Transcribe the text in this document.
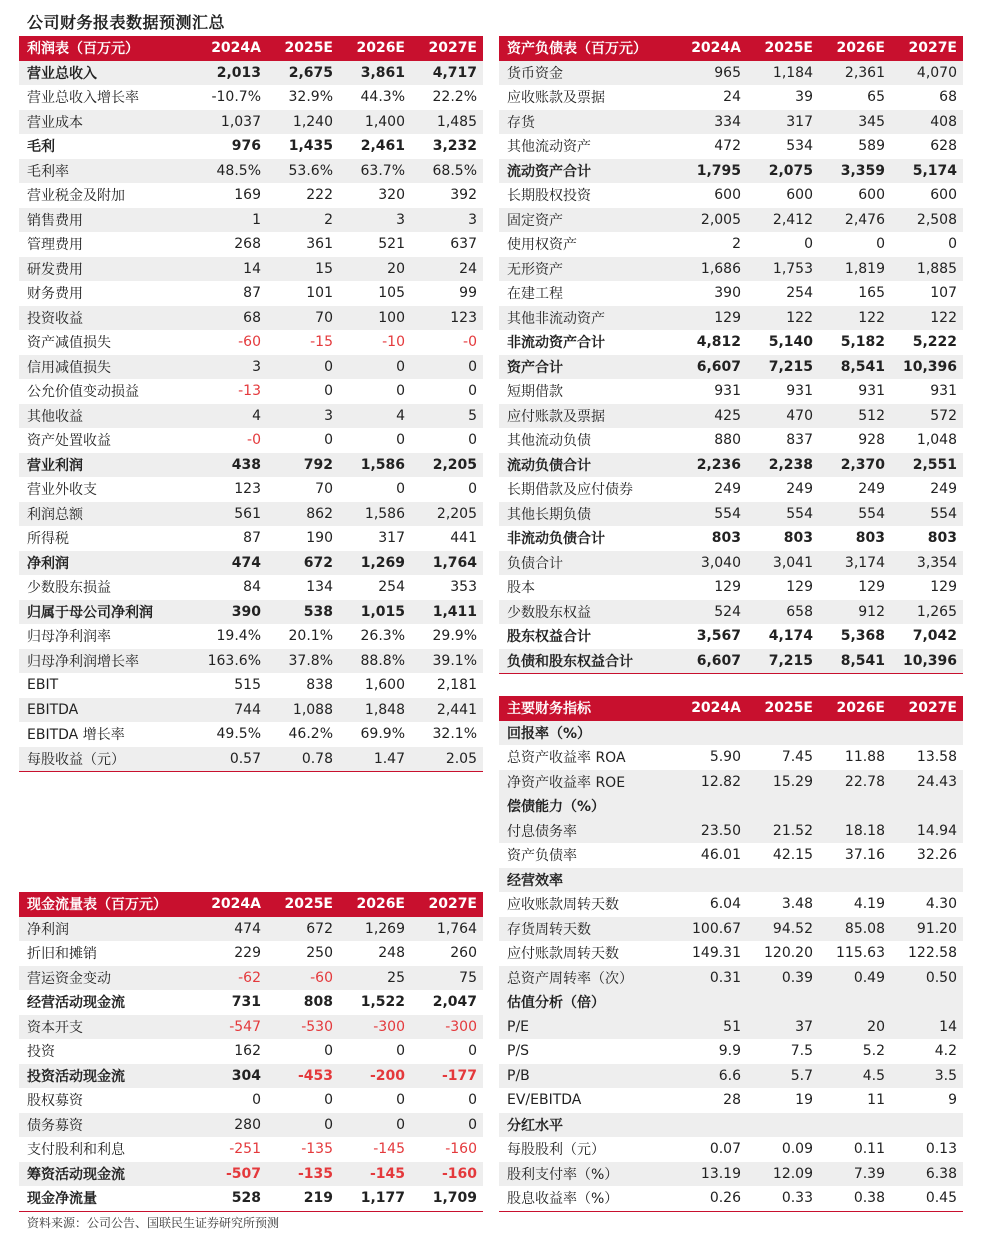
公司财务报表数据预测汇总
利润表（百万元）	2024A	2025E	2026E	2027E
营业总收入	2,013	2,675	3,861	4,717
营业总收入增长率	-10.7%	32.9%	44.3%	22.2%
营业成本	1,037	1,240	1,400	1,485
毛利	976	1,435	2,461	3,232
毛利率	48.5%	53.6%	63.7%	68.5%
营业税金及附加	169	222	320	392
销售费用	1	2	3	3
管理费用	268	361	521	637
研发费用	14	15	20	24
财务费用	87	101	105	99
投资收益	68	70	100	123
资产减值损失	-60	-15	-10	-0
信用减值损失	3	0	0	0
公允价值变动损益	-13	0	0	0
其他收益	4	3	4	5
资产处置收益	-0	0	0	0
营业利润	438	792	1,586	2,205
营业外收支	123	70	0	0
利润总额	561	862	1,586	2,205
所得税	87	190	317	441
净利润	474	672	1,269	1,764
少数股东损益	84	134	254	353
归属于母公司净利润	390	538	1,015	1,411
归母净利润率	19.4%	20.1%	26.3%	29.9%
归母净利润增长率	163.6%	37.8%	88.8%	39.1%
EBIT	515	838	1,600	2,181
EBITDA	744	1,088	1,848	2,441
EBITDA 增长率	49.5%	46.2%	69.9%	32.1%
每股收益（元）	0.57	0.78	1.47	2.05
资产负债表（百万元）	2024A	2025E	2026E	2027E
货币资金	965	1,184	2,361	4,070
应收账款及票据	24	39	65	68
存货	334	317	345	408
其他流动资产	472	534	589	628
流动资产合计	1,795	2,075	3,359	5,174
长期股权投资	600	600	600	600
固定资产	2,005	2,412	2,476	2,508
使用权资产	2	0	0	0
无形资产	1,686	1,753	1,819	1,885
在建工程	390	254	165	107
其他非流动资产	129	122	122	122
非流动资产合计	4,812	5,140	5,182	5,222
资产合计	6,607	7,215	8,541	10,396
短期借款	931	931	931	931
应付账款及票据	425	470	512	572
其他流动负债	880	837	928	1,048
流动负债合计	2,236	2,238	2,370	2,551
长期借款及应付债券	249	249	249	249
其他长期负债	554	554	554	554
非流动负债合计	803	803	803	803
负债合计	3,040	3,041	3,174	3,354
股本	129	129	129	129
少数股东权益	524	658	912	1,265
股东权益合计	3,567	4,174	5,368	7,042
负债和股东权益合计	6,607	7,215	8,541	10,396
现金流量表（百万元）	2024A	2025E	2026E	2027E
净利润	474	672	1,269	1,764
折旧和摊销	229	250	248	260
营运资金变动	-62	-60	25	75
经营活动现金流	731	808	1,522	2,047
资本开支	-547	-530	-300	-300
投资	162	0	0	0
投资活动现金流	304	-453	-200	-177
股权募资	0	0	0	0
债务募资	280	0	0	0
支付股利和利息	-251	-135	-145	-160
筹资活动现金流	-507	-135	-145	-160
现金净流量	528	219	1,177	1,709
主要财务指标	2024A	2025E	2026E	2027E
回报率（%）				
总资产收益率 ROA	5.90	7.45	11.88	13.58
净资产收益率 ROE	12.82	15.29	22.78	24.43
偿债能力（%）				
付息债务率	23.50	21.52	18.18	14.94
资产负债率	46.01	42.15	37.16	32.26
经营效率				
应收账款周转天数	6.04	3.48	4.19	4.30
存货周转天数	100.67	94.52	85.08	91.20
应付账款周转天数	149.31	120.20	115.63	122.58
总资产周转率（次）	0.31	0.39	0.49	0.50
估值分析（倍）				
P/E	51	37	20	14
P/S	9.9	7.5	5.2	4.2
P/B	6.6	5.7	4.5	3.5
EV/EBITDA	28	19	11	9
分红水平				
每股股利（元）	0.07	0.09	0.11	0.13
股利支付率（%）	13.19	12.09	7.39	6.38
股息收益率（%）	0.26	0.33	0.38	0.45
资料来源：公司公告、国联民生证券研究所预测
